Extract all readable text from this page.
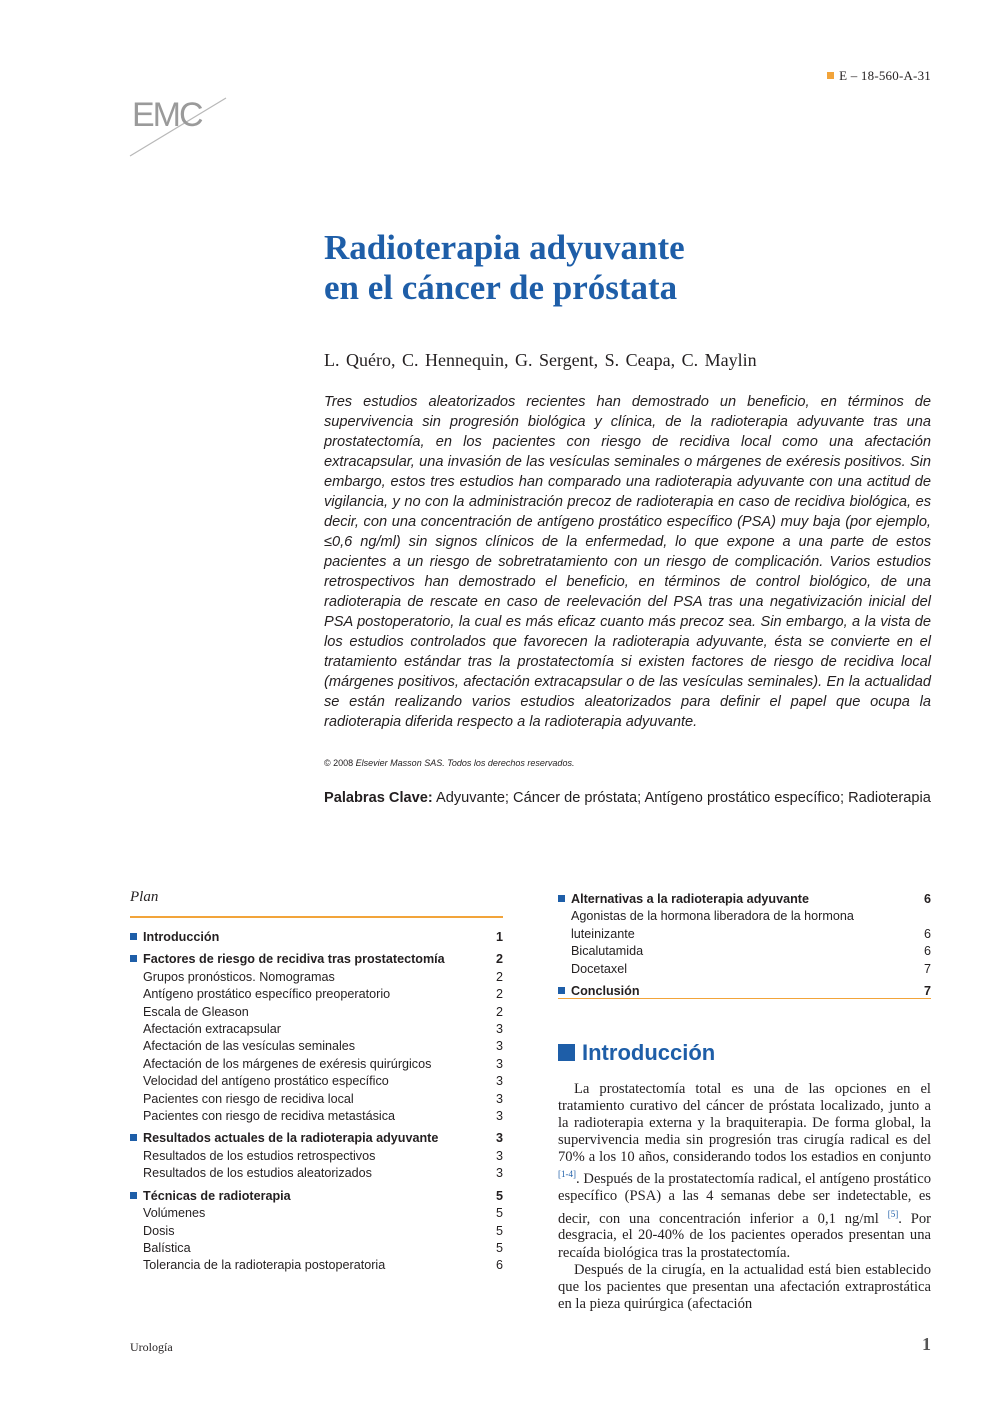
E – 18-560-A-31
EMC
Radioterapia adyuvante
en el cáncer de próstata
L. Quéro, C. Hennequin, G. Sergent, S. Ceapa, C. Maylin

Tres estudios aleatorizados recientes han demostrado un beneficio, en términos de supervivencia sin progresión biológica y clínica, de la radioterapia adyuvante tras una prostatectomía, en los pacientes con riesgo de recidiva local como una afectación extracapsular, una invasión de las vesículas seminales o márgenes de exéresis positivos. Sin embargo, estos tres estudios han comparado una radioterapia adyuvante con una actitud de vigilancia, y no con la administración precoz de radioterapia en caso de recidiva biológica, es decir, con una concentración de antígeno prostático específico (PSA) muy baja (por ejemplo, ≤0,6 ng/ml) sin signos clínicos de la enfermedad, lo que expone a una parte de estos pacientes a un riesgo de sobretratamiento con un riesgo de complicación. Varios estudios retrospectivos han demostrado el beneficio, en términos de control biológico, de una radioterapia de rescate en caso de reelevación del PSA tras una negativización inicial del PSA postoperatorio, la cual es más eficaz cuanto más precoz sea. Sin embargo, a la vista de los estudios controlados que favorecen la radioterapia adyuvante, ésta se convierte en el tratamiento estándar tras la prostatectomía si existen factores de riesgo de recidiva local (márgenes positivos, afectación extracapsular o de las vesículas seminales). En la actualidad se están realizando varios estudios aleatorizados para definir el papel que ocupa la radioterapia diferida respecto a la radioterapia adyuvante.

© 2008 Elsevier Masson SAS. Todos los derechos reservados.

Palabras Clave: Adyuvante; Cáncer de próstata; Antígeno prostático específico; Radioterapia

Plan
Introducción	1
Factores de riesgo de recidiva tras prostatectomía	2
Grupos pronósticos. Nomogramas	2
Antígeno prostático específico preoperatorio	2
Escala de Gleason	2
Afectación extracapsular	3
Afectación de las vesículas seminales	3
Afectación de los márgenes de exéresis quirúrgicos	3
Velocidad del antígeno prostático específico	3
Pacientes con riesgo de recidiva local	3
Pacientes con riesgo de recidiva metastásica	3
Resultados actuales de la radioterapia adyuvante	3
Resultados de los estudios retrospectivos	3
Resultados de los estudios aleatorizados	3
Técnicas de radioterapia	5
Volúmenes	5
Dosis	5
Balística	5
Tolerancia de la radioterapia postoperatoria	6
Alternativas a la radioterapia adyuvante	6
Agonistas de la hormona liberadora de la hormona
luteinizante	6
Bicalutamida	6
Docetaxel	7
Conclusión	7
Introducción

La prostatectomía total es una de las opciones en el tratamiento curativo del cáncer de próstata localizado, junto a la radioterapia externa y la braquiterapia. De forma global, la supervivencia media sin progresión tras cirugía radical es del 70% a los 10 años, considerando todos los estadios en conjunto [1-4]. Después de la prostatectomía radical, el antígeno prostático específico (PSA) a las 4 semanas debe ser indetectable, es decir, con una concentración inferior a 0,1 ng/ml [5]. Por desgracia, el 20-40% de los pacientes operados presentan una recaída biológica tras la prostatectomía.

Después de la cirugía, en la actualidad está bien establecido que los pacientes que presentan una afectación extraprostática en la pieza quirúrgica (afectación

Urología	1
